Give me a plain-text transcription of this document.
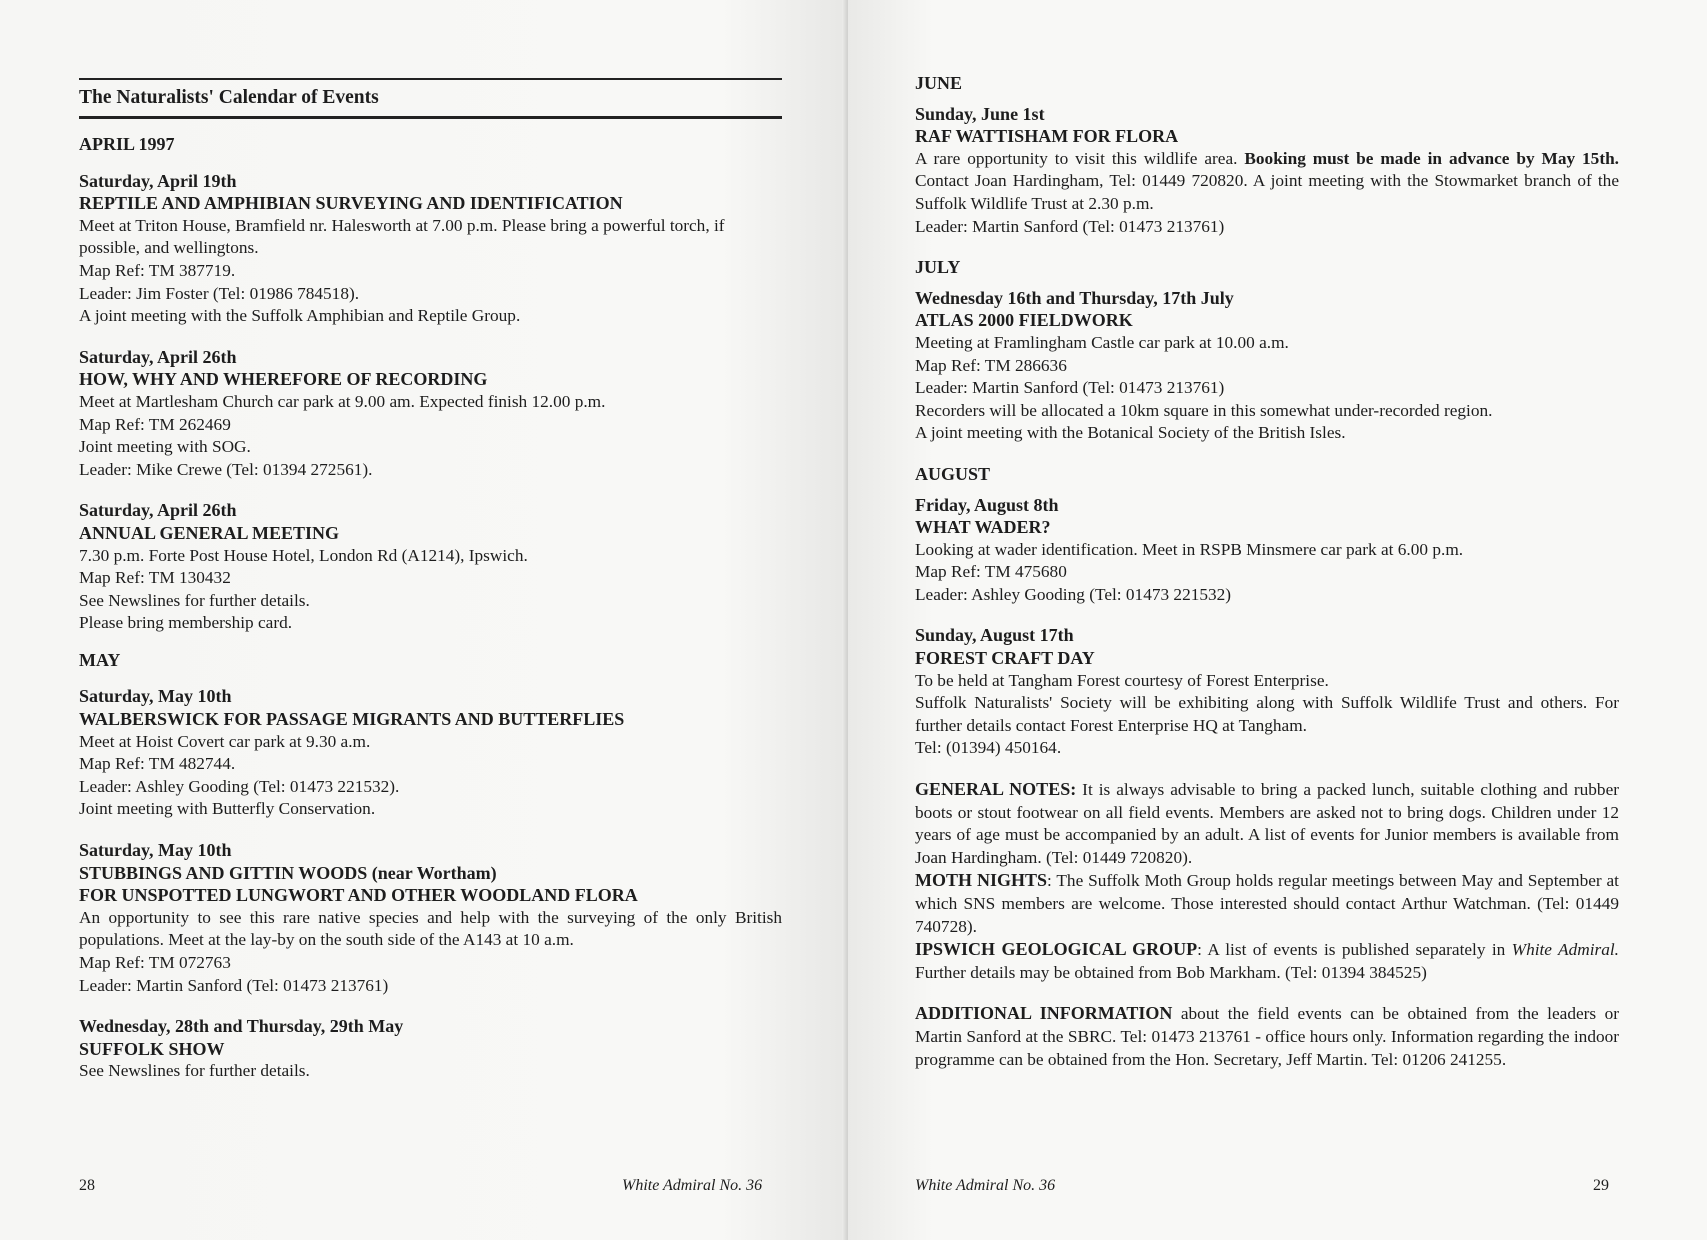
The Naturalists' Calendar of Events
APRIL 1997
Saturday, April 19th
REPTILE AND AMPHIBIAN SURVEYING AND IDENTIFICATION
Meet at Triton House, Bramfield nr. Halesworth at 7.00 p.m. Please bring a powerful torch, if possible, and wellingtons.
Map Ref: TM 387719.
Leader: Jim Foster (Tel: 01986 784518).
A joint meeting with the Suffolk Amphibian and Reptile Group.
Saturday, April 26th
HOW, WHY AND WHEREFORE OF RECORDING
Meet at Martlesham Church car park at 9.00 am. Expected finish 12.00 p.m.
Map Ref: TM 262469
Joint meeting with SOG.
Leader: Mike Crewe (Tel: 01394 272561).
Saturday, April 26th
ANNUAL GENERAL MEETING
7.30 p.m. Forte Post House Hotel, London Rd (A1214), Ipswich.
Map Ref: TM 130432
See Newslines for further details.
Please bring membership card.
MAY
Saturday, May 10th
WALBERSWICK FOR PASSAGE MIGRANTS AND BUTTERFLIES
Meet at Hoist Covert car park at 9.30 a.m.
Map Ref: TM 482744.
Leader: Ashley Gooding (Tel: 01473 221532).
Joint meeting with Butterfly Conservation.
Saturday, May 10th
STUBBINGS AND GITTIN WOODS (near Wortham)
FOR UNSPOTTED LUNGWORT AND OTHER WOODLAND FLORA
An opportunity to see this rare native species and help with the surveying of the only British populations. Meet at the lay-by on the south side of the A143 at 10 a.m.
Map Ref: TM 072763
Leader: Martin Sanford (Tel: 01473 213761)
Wednesday, 28th and Thursday, 29th May
SUFFOLK SHOW
See Newslines for further details.
28	White Admiral No. 36
JUNE
Sunday, June 1st
RAF WATTISHAM FOR FLORA
A rare opportunity to visit this wildlife area. Booking must be made in advance by May 15th. Contact Joan Hardingham, Tel: 01449 720820. A joint meeting with the Stowmarket branch of the Suffolk Wildlife Trust at 2.30 p.m.
Leader: Martin Sanford (Tel: 01473 213761)
JULY
Wednesday 16th and Thursday, 17th July
ATLAS 2000 FIELDWORK
Meeting at Framlingham Castle car park at 10.00 a.m.
Map Ref: TM 286636
Leader: Martin Sanford (Tel: 01473 213761)
Recorders will be allocated a 10km square in this somewhat under-recorded region.
A joint meeting with the Botanical Society of the British Isles.
AUGUST
Friday, August 8th
WHAT WADER?
Looking at wader identification. Meet in RSPB Minsmere car park at 6.00 p.m.
Map Ref: TM 475680
Leader: Ashley Gooding (Tel: 01473 221532)
Sunday, August 17th
FOREST CRAFT DAY
To be held at Tangham Forest courtesy of Forest Enterprise.
Suffolk Naturalists' Society will be exhibiting along with Suffolk Wildlife Trust and others. For further details contact Forest Enterprise HQ at Tangham.
Tel: (01394) 450164.
GENERAL NOTES: It is always advisable to bring a packed lunch, suitable clothing and rubber boots or stout footwear on all field events. Members are asked not to bring dogs. Children under 12 years of age must be accompanied by an adult. A list of events for Junior members is available from Joan Hardingham. (Tel: 01449 720820).
MOTH NIGHTS: The Suffolk Moth Group holds regular meetings between May and September at which SNS members are welcome. Those interested should contact Arthur Watchman. (Tel: 01449 740728).
IPSWICH GEOLOGICAL GROUP: A list of events is published separately in White Admiral. Further details may be obtained from Bob Markham. (Tel: 01394 384525)
ADDITIONAL INFORMATION about the field events can be obtained from the leaders or Martin Sanford at the SBRC. Tel: 01473 213761 - office hours only. Information regarding the indoor programme can be obtained from the Hon. Secretary, Jeff Martin. Tel: 01206 241255.
White Admiral No. 36	29
